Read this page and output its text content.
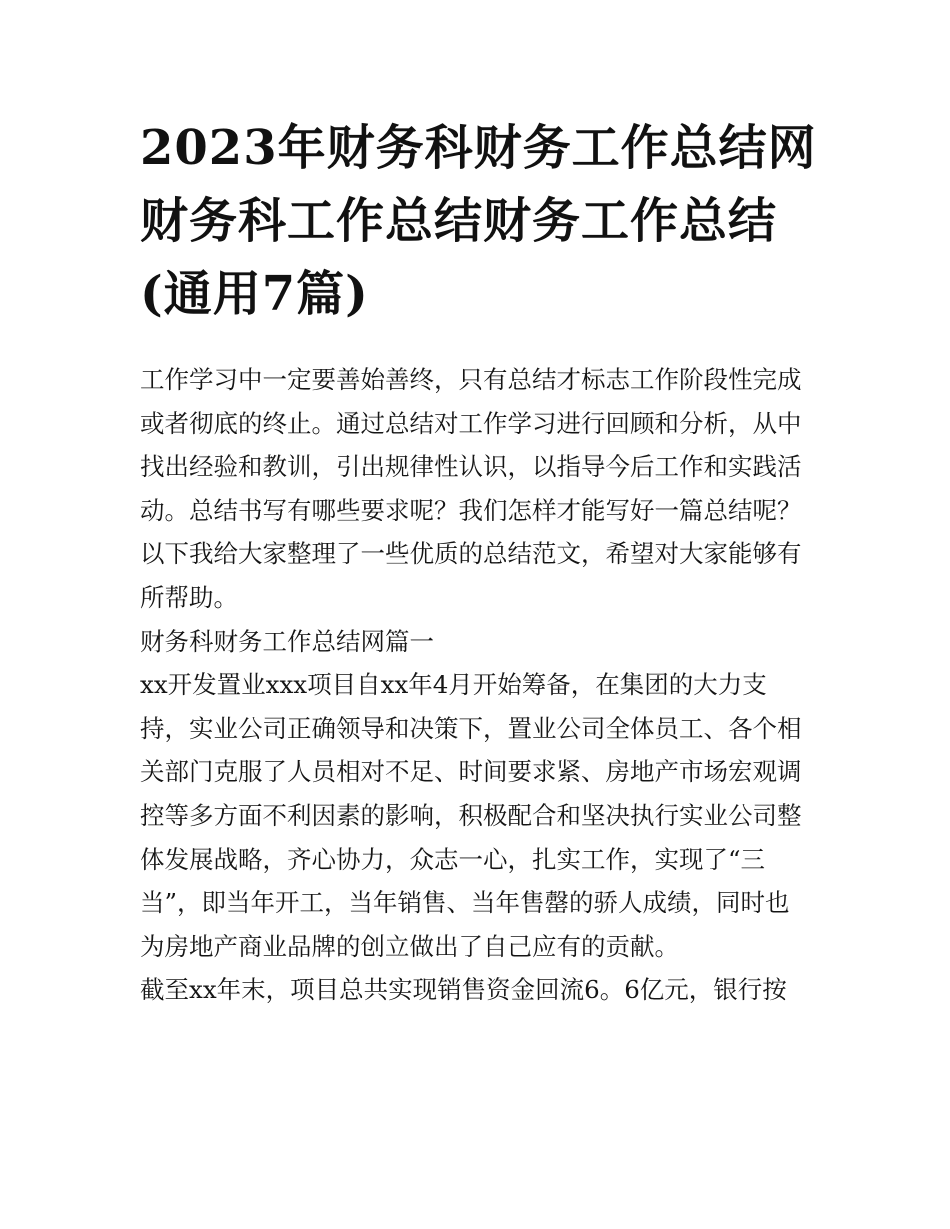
2023年财务科财务工作总结网
财务科工作总结财务工作总结
(通用7篇)

工作学习中一定要善始善终，只有总结才标志工作阶段性完成
或者彻底的终止。通过总结对工作学习进行回顾和分析，从中
找出经验和教训，引出规律性认识，以指导今后工作和实践活
动。总结书写有哪些要求呢？我们怎样才能写好一篇总结呢？
以下我给大家整理了一些优质的总结范文，希望对大家能够有
所帮助。

财务科财务工作总结网篇一

xx开发置业xxx项目自xx年4月开始筹备，在集团的大力支
持，实业公司正确领导和决策下，置业公司全体员工、各个相
关部门克服了人员相对不足、时间要求紧、房地产市场宏观调
控等多方面不利因素的影响，积极配合和坚决执行实业公司整
体发展战略，齐心协力，众志一心，扎实工作，实现了“三
当”，即当年开工，当年销售、当年售罄的骄人成绩，同时也
为房地产商业品牌的创立做出了自己应有的贡献。

截至xx年末，项目总共实现销售资金回流6。6亿元，银行按
